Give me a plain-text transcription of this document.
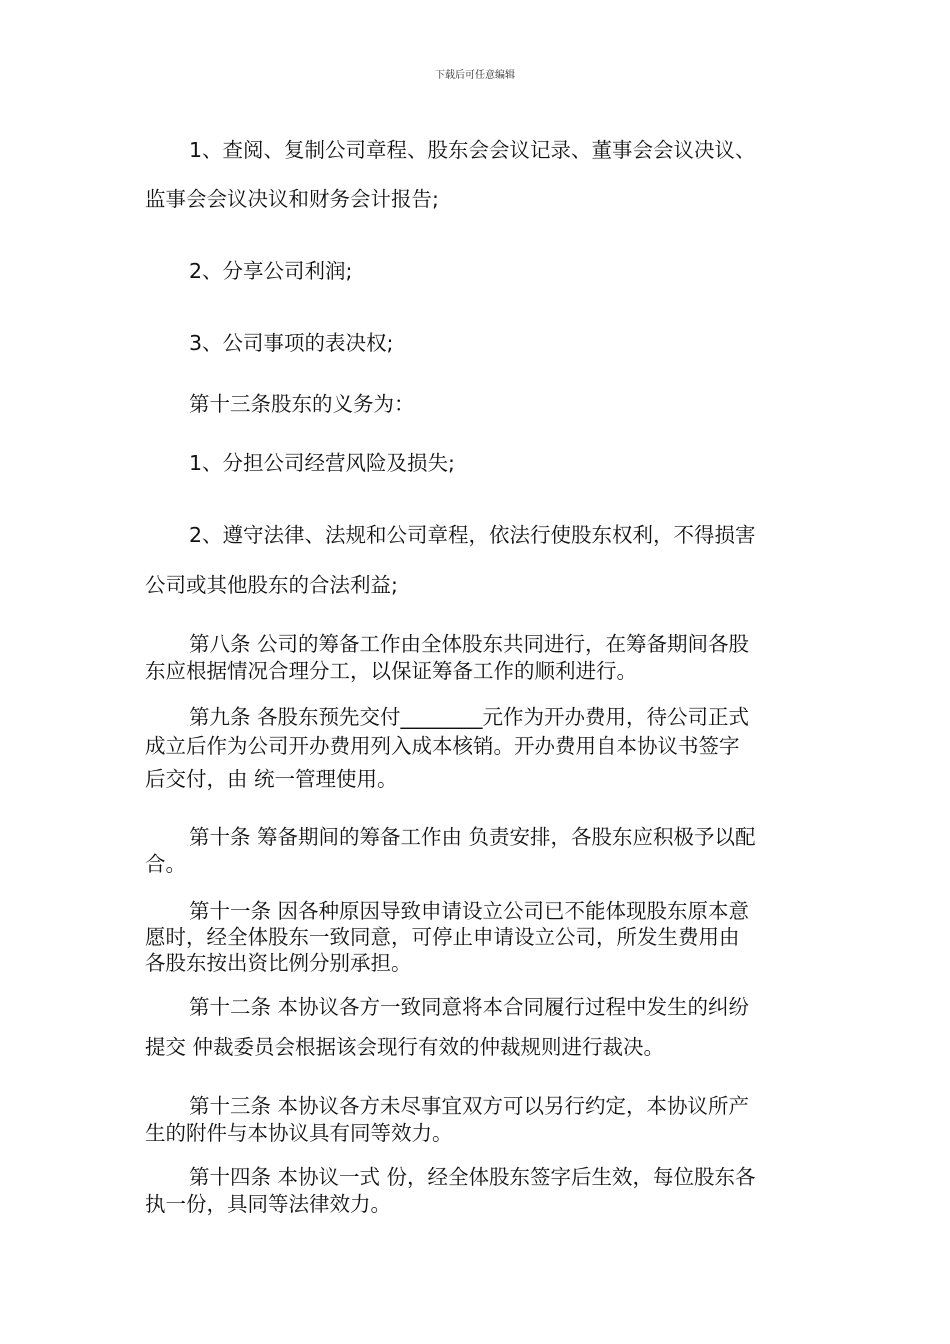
下载后可任意编辑
1、查阅、复制公司章程、股东会会议记录、董事会会议决议、
监事会会议决议和财务会计报告;
2、分享公司利润;
3、公司事项的表决权;
第十三条股东的义务为：
1、分担公司经营风险及损失;
2、遵守法律、法规和公司章程，依法行使股东权利，不得损害
公司或其他股东的合法利益;
第八条 公司的筹备工作由全体股东共同进行，在筹备期间各股
东应根据情况合理分工，以保证筹备工作的顺利进行。
第九条 各股东预先交付________元作为开办费用，待公司正式
成立后作为公司开办费用列入成本核销。开办费用自本协议书签字
后交付，由 统一管理使用。
第十条 筹备期间的筹备工作由 负责安排，各股东应积极予以配
合。
第十一条 因各种原因导致申请设立公司已不能体现股东原本意
愿时，经全体股东一致同意，可停止申请设立公司，所发生费用由
各股东按出资比例分别承担。
第十二条 本协议各方一致同意将本合同履行过程中发生的纠纷
提交 仲裁委员会根据该会现行有效的仲裁规则进行裁决。
第十三条 本协议各方未尽事宜双方可以另行约定，本协议所产
生的附件与本协议具有同等效力。
第十四条 本协议一式 份，经全体股东签字后生效，每位股东各
执一份，具同等法律效力。
